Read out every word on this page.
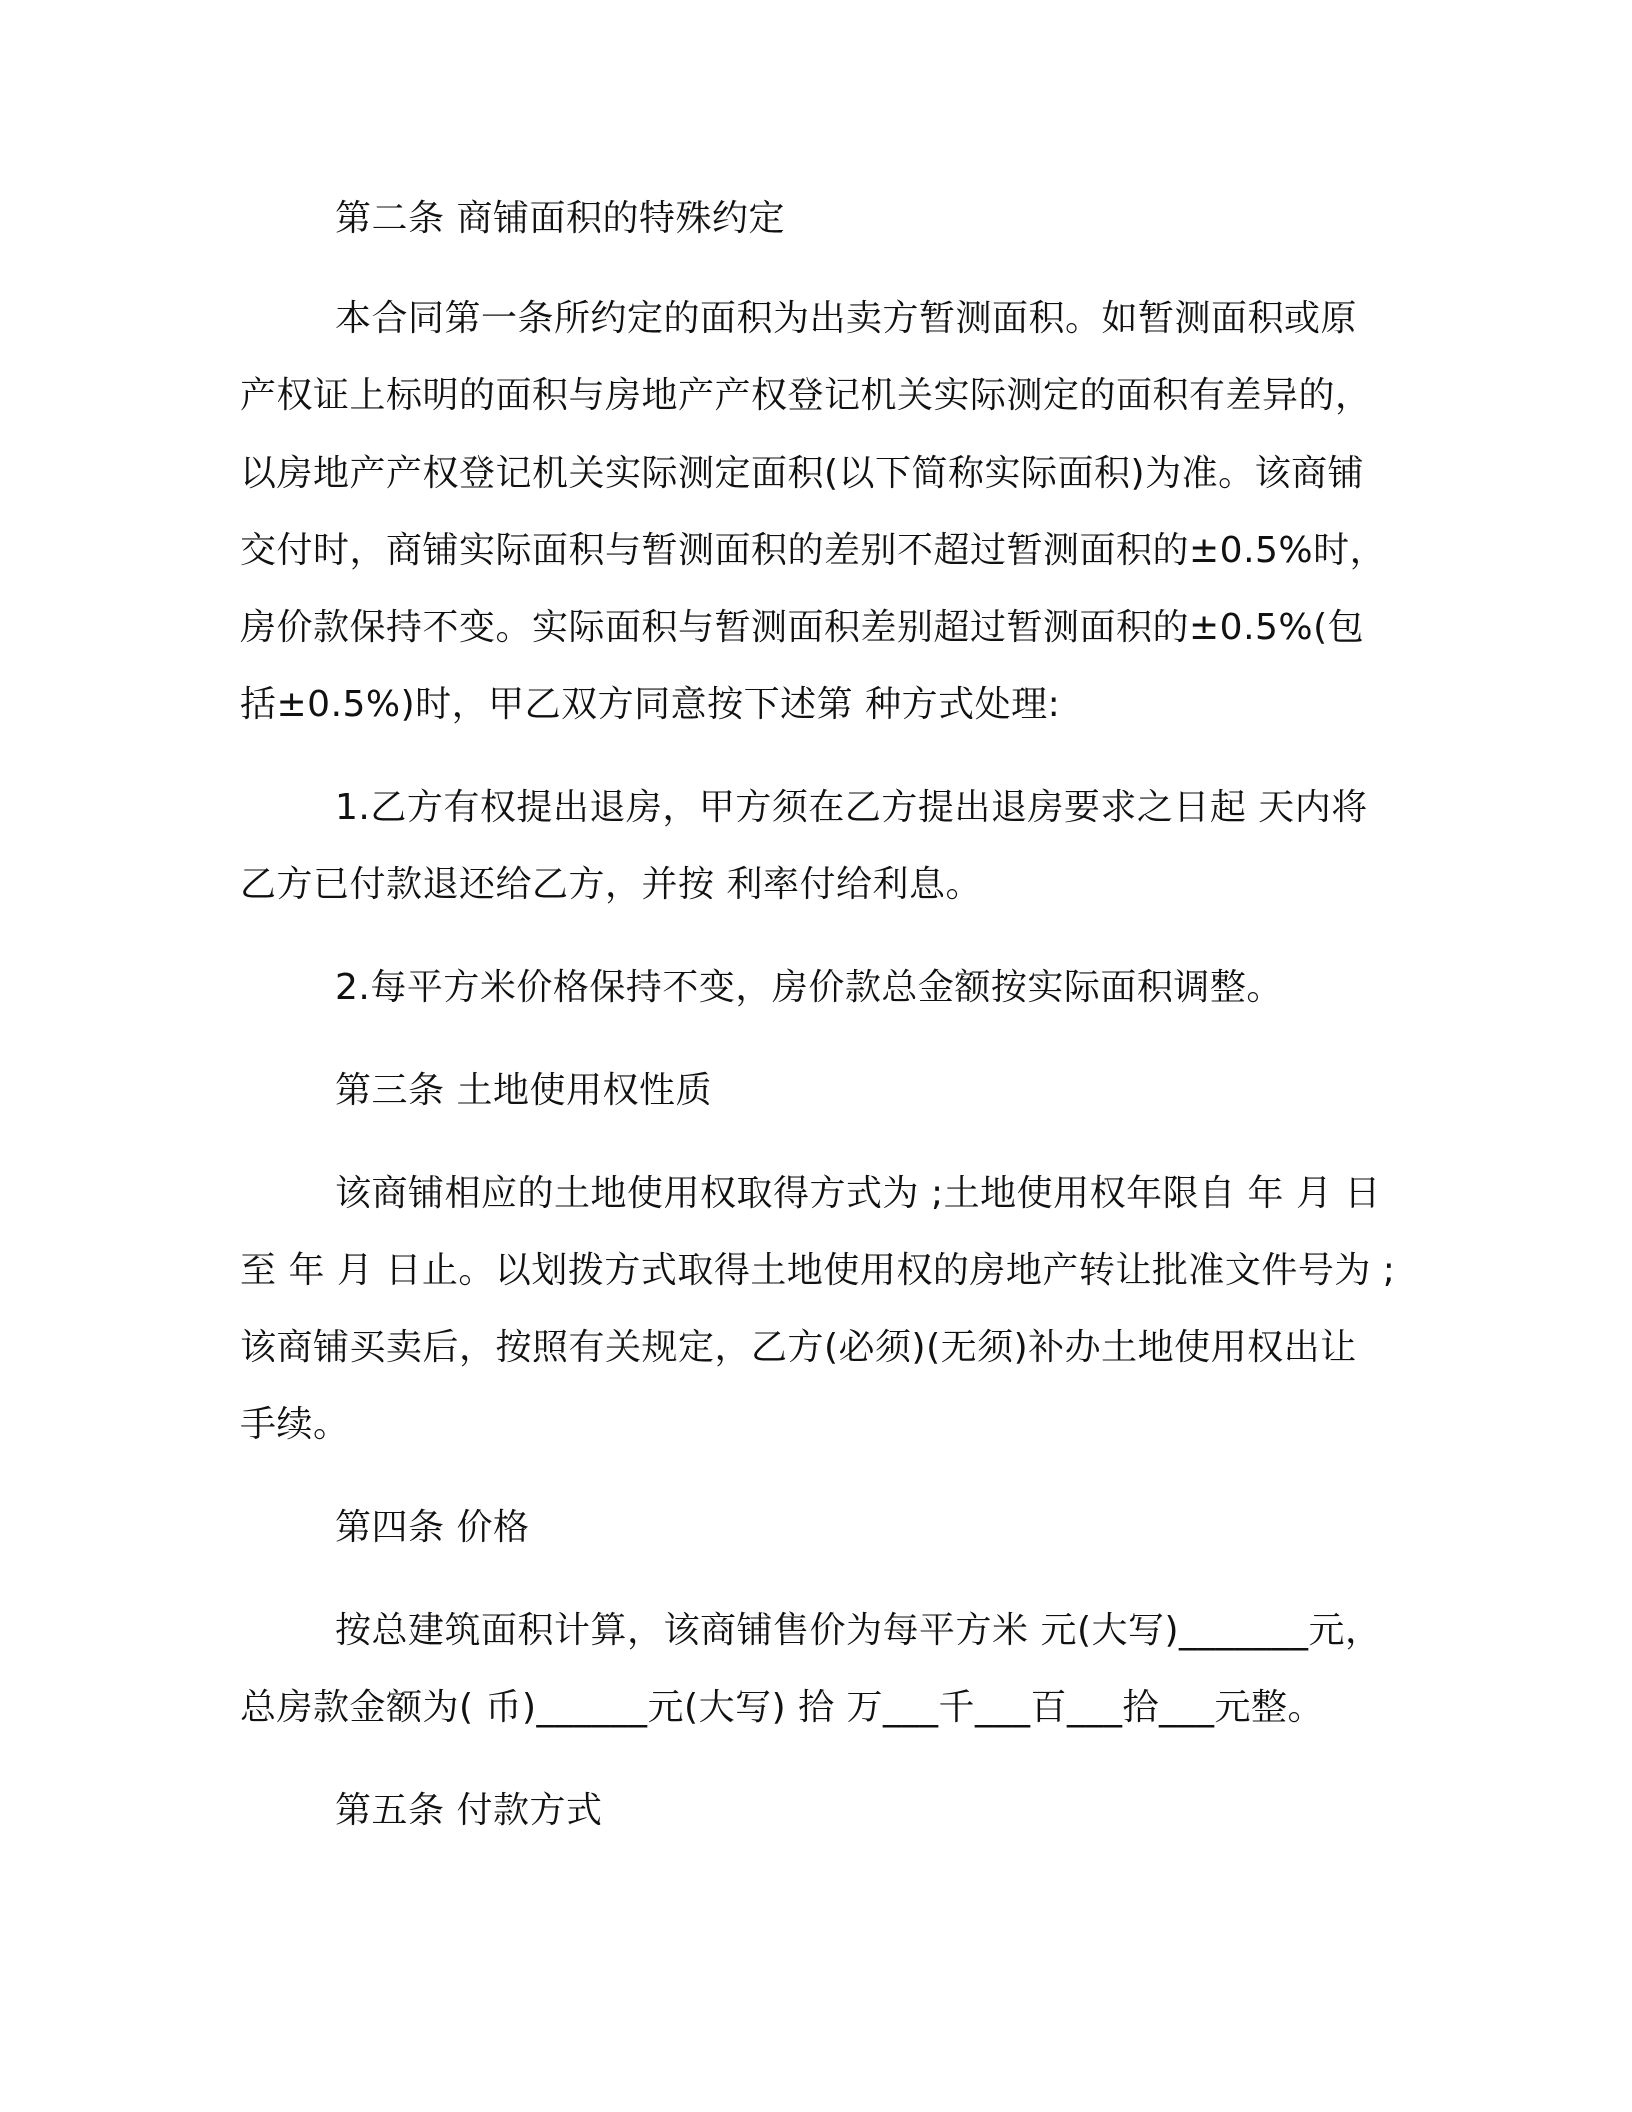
第二条 商铺面积的特殊约定
本合同第一条所约定的面积为出卖方暂测面积。如暂测面积或原
产权证上标明的面积与房地产产权登记机关实际测定的面积有差异的，
以房地产产权登记机关实际测定面积(以下简称实际面积)为准。该商铺
交付时，商铺实际面积与暂测面积的差别不超过暂测面积的±0.5%时，
房价款保持不变。实际面积与暂测面积差别超过暂测面积的±0.5%(包
括±0.5%)时，甲乙双方同意按下述第 种方式处理:
1.乙方有权提出退房，甲方须在乙方提出退房要求之日起 天内将
乙方已付款退还给乙方，并按 利率付给利息。
2.每平方米价格保持不变，房价款总金额按实际面积调整。
第三条 土地使用权性质
该商铺相应的土地使用权取得方式为 ;土地使用权年限自 年 月 日
至 年 月 日止。以划拨方式取得土地使用权的房地产转让批准文件号为 ;
该商铺买卖后，按照有关规定，乙方(必须)(无须)补办土地使用权出让
手续。
第四条 价格
按总建筑面积计算，该商铺售价为每平方米 元(大写)_______元，
总房款金额为( 币)______元(大写) 拾 万___千___百___拾___元整。
第五条 付款方式
